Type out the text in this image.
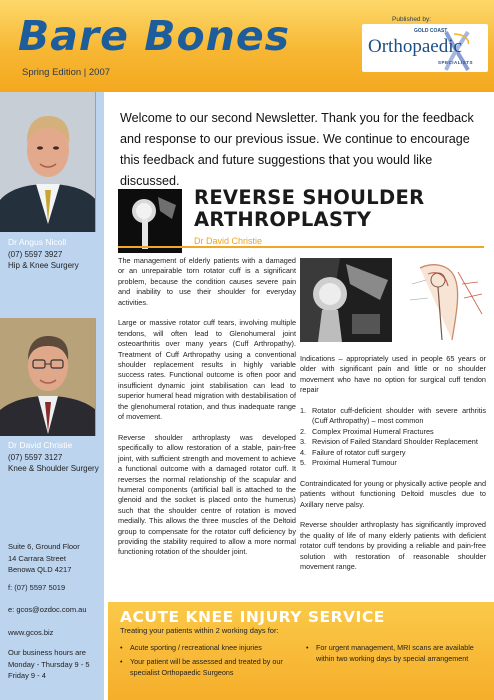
Bare Bones
Spring Edition | 2007
Published by:
GOLD COAST
Orthopaedic
SPECIALISTS
Dr Angus Nicoll
(07) 5597 3927
Hip & Knee Surgery
Dr David Christie
(07) 5597 3127
Knee & Shoulder Surgery
Suite 6, Ground Floor
14 Carrara Street
Benowa QLD 4217
f: (07) 5597 5019
e: gcos@ozdoc.com.au
www.gcos.biz
Our business hours are
Monday - Thursday 9 - 5
Friday 9 - 4
Welcome to our second Newsletter. Thank you for the feedback and response to our previous issue. We continue to encourage this feedback and future suggestions that you would like discussed.
REVERSE SHOULDER
ARTHROPLASTY
Dr David Christie

The management of elderly patients with a damaged or an unrepairable torn rotator cuff is a significant problem, because the condition causes severe pain and inability to use their shoulder for everyday activities.

Large or massive rotator cuff tears, involving multiple tendons, will often lead to Glenohumeral joint osteoarthritis over many years (Cuff Arthropathy). Treatment of Cuff Arthropathy using a conventional shoulder replacement results in highly variable success rates. Functional outcome is often poor and insufficient dynamic joint stabilisation can lead to superior humeral head migration with destabilisation of the glenohumeral rotation, and thus inadequate range of movement.

Reverse shoulder arthroplasty was developed specifically to allow restoration of a stable, pain-free joint, with sufficient strength and movement to achieve a functional outcome with a damaged rotator cuff. It reverses the normal relationship of the scapular and humeral components (artificial ball is attached to the glenoid and the socket is placed onto the humerus) such that the shoulder centre of rotation is moved medially. This allows the three muscles of the Deltoid group to compensate for the rotator cuff deficiency by providing the stability required to allow a more normal functioning rotation of the shoulder joint.

Indications – appropriately used in people 65 years or older with significant pain and little or no shoulder movement who have no option for surgical cuff tendon repair

1. Rotator cuff-deficient shoulder with severe arthritis (Cuff Arthropathy) – most common
2. Complex Proximal Humeral Fractures
3. Revision of Failed Standard Shoulder Replacement
4. Failure of rotator cuff surgery
5. Proximal Humeral Tumour

Contraindicated for young or physically active people and patients without functioning Deltoid muscles due to Axillary nerve palsy.

Reverse shoulder arthroplasty has significantly improved the quality of life of many elderly patients with deficient rotator cuff tendons by providing a reliable and pain-free solution with restoration of reasonable shoulder movement range.

ACUTE KNEE INJURY SERVICE
Treating your patients within 2 working days for:
• Acute sporting / recreational knee injuries
• Your patient will be assessed and treated by our specialist Orthopaedic Surgeons
• For urgent management, MRI scans are available within two working days by special arrangement
